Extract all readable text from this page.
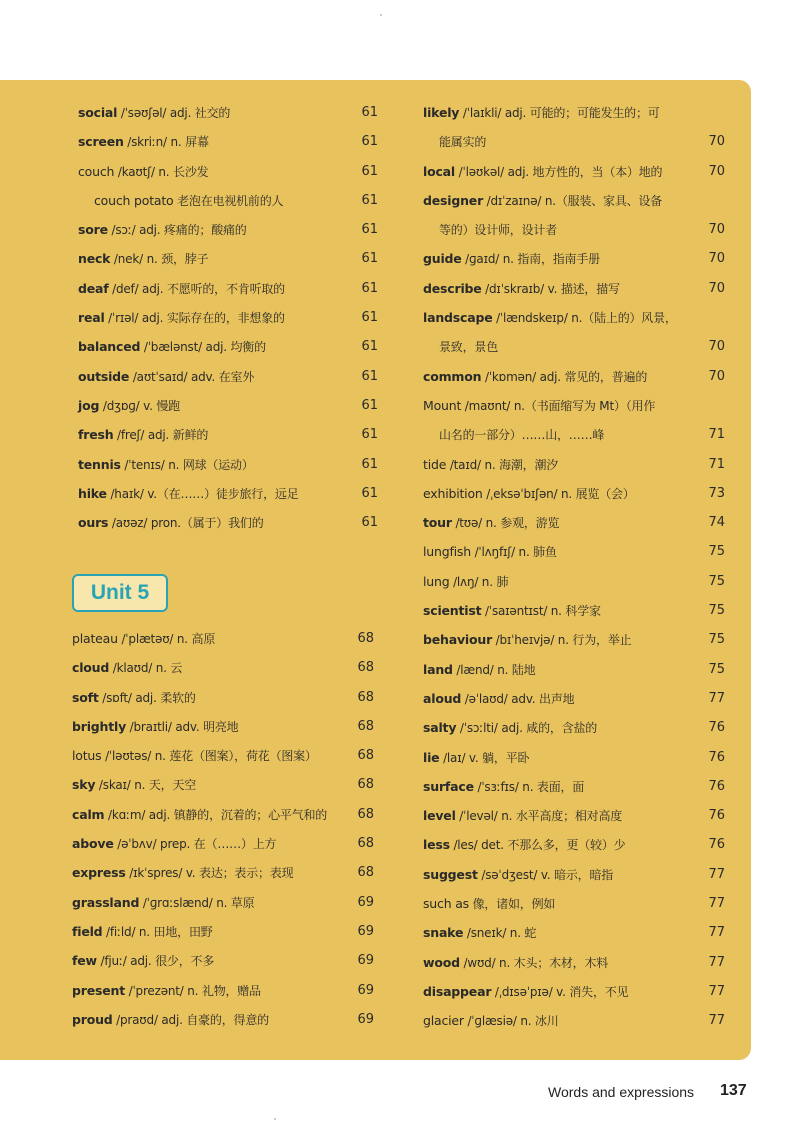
social /ˈsəʊʃəl/ adj. 社交的	61
screen /skriːn/ n. 屏幕	61
couch /kaʊtʃ/ n. 长沙发	61
couch potato 老泡在电视机前的人	61
sore /sɔː/ adj. 疼痛的；酸痛的	61
neck /nek/ n. 颈，脖子	61
deaf /def/ adj. 不愿听的，不肯听取的	61
real /ˈrɪəl/ adj. 实际存在的，非想象的	61
balanced /ˈbælənst/ adj. 均衡的	61
outside /aʊtˈsaɪd/ adv. 在室外	61
jog /dʒɒɡ/ v. 慢跑	61
fresh /freʃ/ adj. 新鲜的	61
tennis /ˈtenɪs/ n. 网球（运动）	61
hike /haɪk/ v.（在……）徒步旅行，远足	61
ours /aʊəz/ pron.（属于）我们的	61
Unit 5
plateau /ˈplætəʊ/ n. 高原	68
cloud /klaʊd/ n. 云	68
soft /sɒft/ adj. 柔软的	68
brightly /braɪtli/ adv. 明亮地	68
lotus /ˈləʊtəs/ n. 莲花（图案），荷花（图案）	68
sky /skaɪ/ n. 天，天空	68
calm /kɑːm/ adj. 镇静的，沉着的；心平气和的 68
above /əˈbʌv/ prep. 在（……）上方	68
express /ɪkˈspres/ v. 表达；表示；表现	68
grassland /ˈɡrɑːslænd/ n. 草原	69
field /fiːld/ n. 田地，田野	69
few /fjuː/ adj. 很少，不多	69
present /ˈprezənt/ n. 礼物，赠品	69
proud /praʊd/ adj. 自豪的，得意的	69
likely /ˈlaɪkli/ adj. 可能的；可能发生的；可
能属实的	70
local /ˈləʊkəl/ adj. 地方性的，当（本）地的	70
designer /dɪˈzaɪnə/ n.（服装、家具、设备
等的）设计师，设计者	70
guide /ɡaɪd/ n. 指南，指南手册	70
describe /dɪˈskraɪb/ v. 描述，描写	70
landscape /ˈlændskeɪp/ n.（陆上的）风景，
景致，景色	70
common /ˈkɒmən/ adj. 常见的，普遍的	70
Mount /maʊnt/ n.（书面缩写为 Mt）（用作
山名的一部分）……山，……峰	71
tide /taɪd/ n. 海潮，潮汐	71
exhibition /ˌeksəˈbɪʃən/ n. 展览（会）	73
tour /tʊə/ n. 参观，游览	74
lungfish /ˈlʌŋfɪʃ/ n. 肺鱼	75
lung /lʌŋ/ n. 肺	75
scientist /ˈsaɪəntɪst/ n. 科学家	75
behaviour /bɪˈheɪvjə/ n. 行为，举止	75
land /lænd/ n. 陆地	75
aloud /əˈlaʊd/ adv. 出声地	77
salty /ˈsɔːlti/ adj. 咸的，含盐的	76
lie /laɪ/ v. 躺，平卧	76
surface /ˈsɜːfɪs/ n. 表面，面	76
level /ˈlevəl/ n. 水平高度；相对高度	76
less /les/ det. 不那么多，更（较）少	76
suggest /səˈdʒest/ v. 暗示，暗指	77
such as 像，诸如，例如	77
snake /sneɪk/ n. 蛇	77
wood /wʊd/ n. 木头；木材，木料	77
disappear /ˌdɪsəˈpɪə/ v. 消失，不见	77
glacier /ˈɡlæsiə/ n. 冰川	77
Words and expressions 137
